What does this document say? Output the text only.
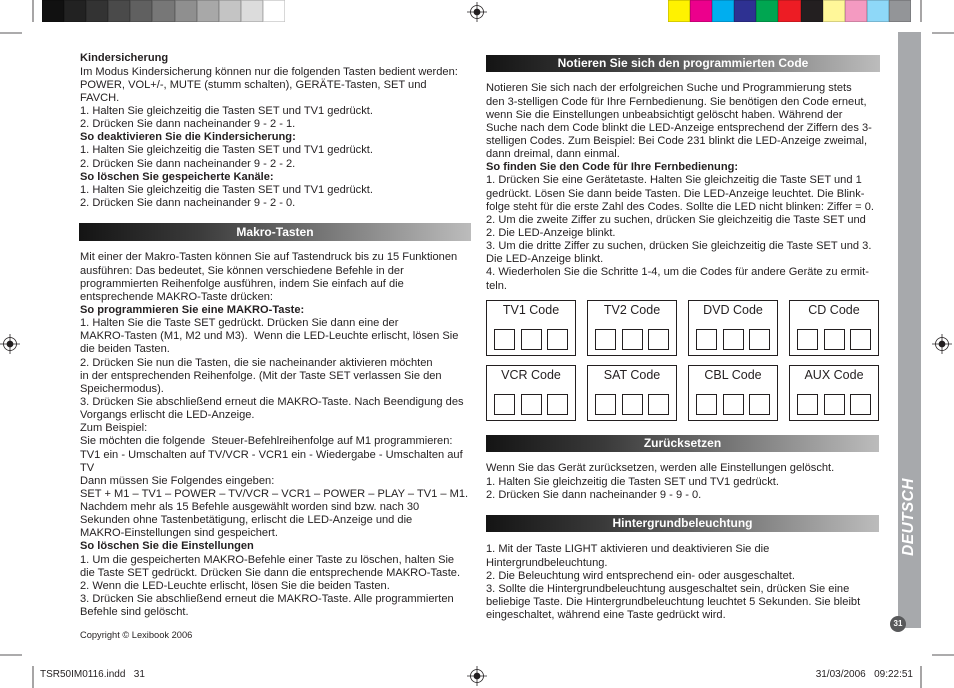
Kindersicherung
Im Modus Kindersicherung können nur die folgenden Tasten bedient werden:
POWER, VOL+/-, MUTE (stumm schalten), GERÄTE-Tasten, SET und
FAVCH.
1. Halten Sie gleichzeitig die Tasten SET und TV1 gedrückt.
2. Drücken Sie dann nacheinander 9 - 2 - 1.
So deaktivieren Sie die Kindersicherung:
1. Halten Sie gleichzeitig die Tasten SET und TV1 gedrückt.
2. Drücken Sie dann nacheinander 9 - 2 - 2.
So löschen Sie gespeicherte Kanäle:
1. Halten Sie gleichzeitig die Tasten SET und TV1 gedrückt.
2. Drücken Sie dann nacheinander 9 - 2 - 0.
Makro-Tasten
Mit einer der Makro-Tasten können Sie auf Tastendruck bis zu 15 Funktionen
ausführen: Das bedeutet, Sie können verschiedene Befehle in der
programmierten Reihenfolge ausführen, indem Sie einfach auf die
entsprechende MAKRO-Taste drücken:
So programmieren Sie eine MAKRO-Taste:
1. Halten Sie die Taste SET gedrückt. Drücken Sie dann eine der
MAKRO-Tasten (M1, M2 und M3).  Wenn die LED-Leuchte erlischt, lösen Sie
die beiden Tasten.
2. Drücken Sie nun die Tasten, die sie nacheinander aktivieren möchten
in der entsprechenden Reihenfolge. (Mit der Taste SET verlassen Sie den
Speichermodus).
3. Drücken Sie abschließend erneut die MAKRO-Taste. Nach Beendigung des
Vorgangs erlischt die LED-Anzeige.
Zum Beispiel:
Sie möchten die folgende  Steuer-Befehlreihenfolge auf M1 programmieren:
TV1 ein - Umschalten auf TV/VCR - VCR1 ein - Wiedergabe - Umschalten auf
TV
Dann müssen Sie Folgendes eingeben:
SET + M1 – TV1 – POWER – TV/VCR – VCR1 – POWER – PLAY – TV1 – M1.
Nachdem mehr als 15 Befehle ausgewählt worden sind bzw. nach 30
Sekunden ohne Tastenbetätigung, erlischt die LED-Anzeige und die
MAKRO-Einstellungen sind gespeichert.
So löschen Sie die Einstellungen
1. Um die gespeicherten MAKRO-Befehle einer Taste zu löschen, halten Sie
die Taste SET gedrückt. Drücken Sie dann die entsprechende MAKRO-Taste.
2. Wenn die LED-Leuchte erlischt, lösen Sie die beiden Tasten.
3. Drücken Sie abschließend erneut die MAKRO-Taste. Alle programmierten
Befehle sind gelöscht.
Copyright © Lexibook 2006
Notieren Sie sich den programmierten Code
Notieren Sie sich nach der erfolgreichen Suche und Programmierung stets
den 3-stelligen Code für Ihre Fernbedienung. Sie benötigen den Code erneut,
wenn Sie die Einstellungen unbeabsichtigt gelöscht haben. Während der
Suche nach dem Code blinkt die LED-Anzeige entsprechend der Ziffern des 3-
stelligen Codes. Zum Beispiel: Bei Code 231 blinkt die LED-Anzeige zweimal,
dann dreimal, dann einmal.
So finden Sie den Code für Ihre Fernbedienung:
1. Drücken Sie eine Gerätetaste. Halten Sie gleichzeitig die Taste SET und 1
gedrückt. Lösen Sie dann beide Tasten. Die LED-Anzeige leuchtet. Die Blink-
folge steht für die erste Zahl des Codes. Sollte die LED nicht blinken: Ziffer = 0.
2. Um die zweite Ziffer zu suchen, drücken Sie gleichzeitig die Taste SET und
2. Die LED-Anzeige blinkt.
3. Um die dritte Ziffer zu suchen, drücken Sie gleichzeitig die Taste SET und 3.
Die LED-Anzeige blinkt.
4. Wiederholen Sie die Schritte 1-4, um die Codes für andere Geräte zu ermit-
teln.
TV1 Code	TV2 Code	DVD Code	CD Code
VCR Code	SAT Code	CBL Code	AUX Code
Zurücksetzen
Wenn Sie das Gerät zurücksetzen, werden alle Einstellungen gelöscht.
1. Halten Sie gleichzeitig die Tasten SET und TV1 gedrückt.
2. Drücken Sie dann nacheinander 9 - 9 - 0.
Hintergrundbeleuchtung
1. Mit der Taste LIGHT aktivieren und deaktivieren Sie die
Hintergrundbeleuchtung.
2. Die Beleuchtung wird entsprechend ein- oder ausgeschaltet.
3. Sollte die Hintergrundbeleuchtung ausgeschaltet sein, drücken Sie eine
beliebige Taste. Die Hintergrundbeleuchtung leuchtet 5 Sekunden. Sie bleibt
eingeschaltet, während eine Taste gedrückt wird.
DEUTSCH
31
TSR50IM0116.indd   31	31/03/2006   09:22:51
